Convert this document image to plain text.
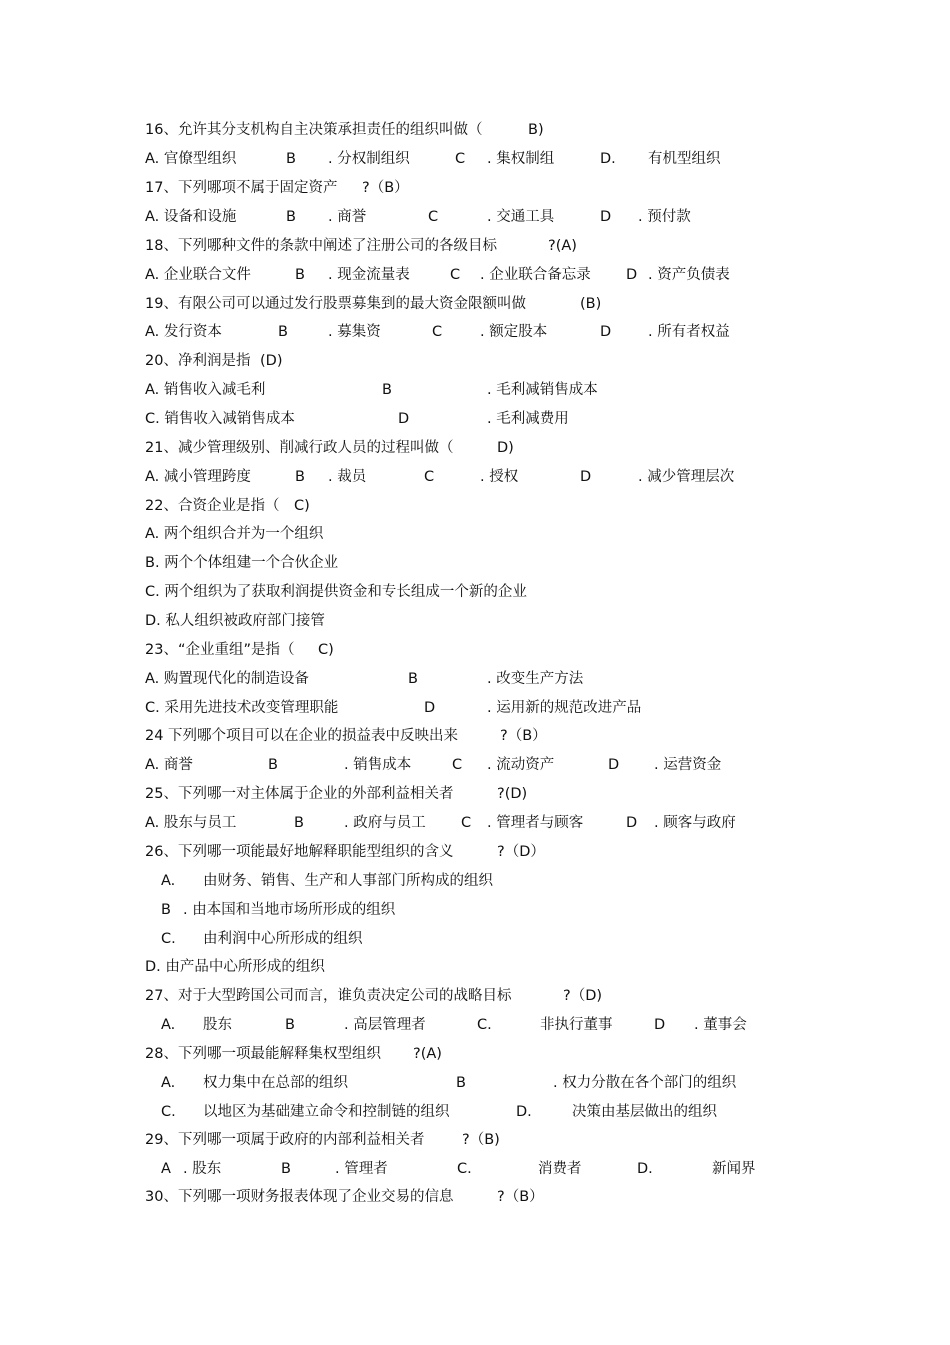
16、允许其分支机构自主决策承担责任的组织叫做（	B)
A. 官僚型组织	B . 分权制组织	C . 集权制组	D. 有机型组织
17、下列哪项不属于固定资产 ?（B）
A. 设备和设施	B . 商誉	C	. 交通工具	D . 预付款
18、下列哪种文件的条款中阐述了注册公司的各级目标	?(A)
A. 企业联合文件	B . 现金流量表	C . 企业联合备忘录 D . 资产负债表
19、有限公司可以通过发行股票募集到的最大资金限额叫做	(B)
A. 发行资本	B	. 募集资	C	. 额定股本	D	. 所有者权益
20、净利润是指 (D)
A. 销售收入减毛利	B	. 毛利减销售成本
C. 销售收入减销售成本	D	. 毛利减费用
21、减少管理级别、削减行政人员的过程叫做（	D)
A. 减小管理跨度	B . 裁员	C	. 授权	D	. 减少管理层次
22、合资企业是指（ C)
A. 两个组织合并为一个组织
B. 两个个体组建一个合伙企业
C. 两个组织为了获取利润提供资金和专长组成一个新的企业
D. 私人组织被政府部门接管
23、“企业重组”是指（ C)
A. 购置现代化的制造设备	B	. 改变生产方法
C. 采用先进技术改变管理职能	D	. 运用新的规范改进产品
24 下列哪个项目可以在企业的损益表中反映出来	?（B）
A. 商誉	B	. 销售成本	C . 流动资产	D . 运营资金
25、下列哪一对主体属于企业的外部利益相关者	?(D)
A. 股东与员工	B	. 政府与员工 C . 管理者与顾客	D . 顾客与政府
26、下列哪一项能最好地解释职能型组织的含义	?（D）
A. 由财务、销售、生产和人事部门所构成的组织
B . 由本国和当地市场所形成的组织
C. 由利润中心所形成的组织
D. 由产品中心所形成的组织
27、对于大型跨国公司而言，谁负责决定公司的战略目标	?（D)
A. 股东	B	. 高层管理者	C.	非执行董事	D . 董事会
28、下列哪一项最能解释集权型组织 ?(A)
A. 权力集中在总部的组织	B	. 权力分散在各个部门的组织
C. 以地区为基础建立命令和控制链的组织	D.	决策由基层做出的组织
29、下列哪一项属于政府的内部利益相关者	?（B)
A . 股东	B	. 管理者	C.	消费者	D.	新闻界
30、下列哪一项财务报表体现了企业交易的信息	?（B）
